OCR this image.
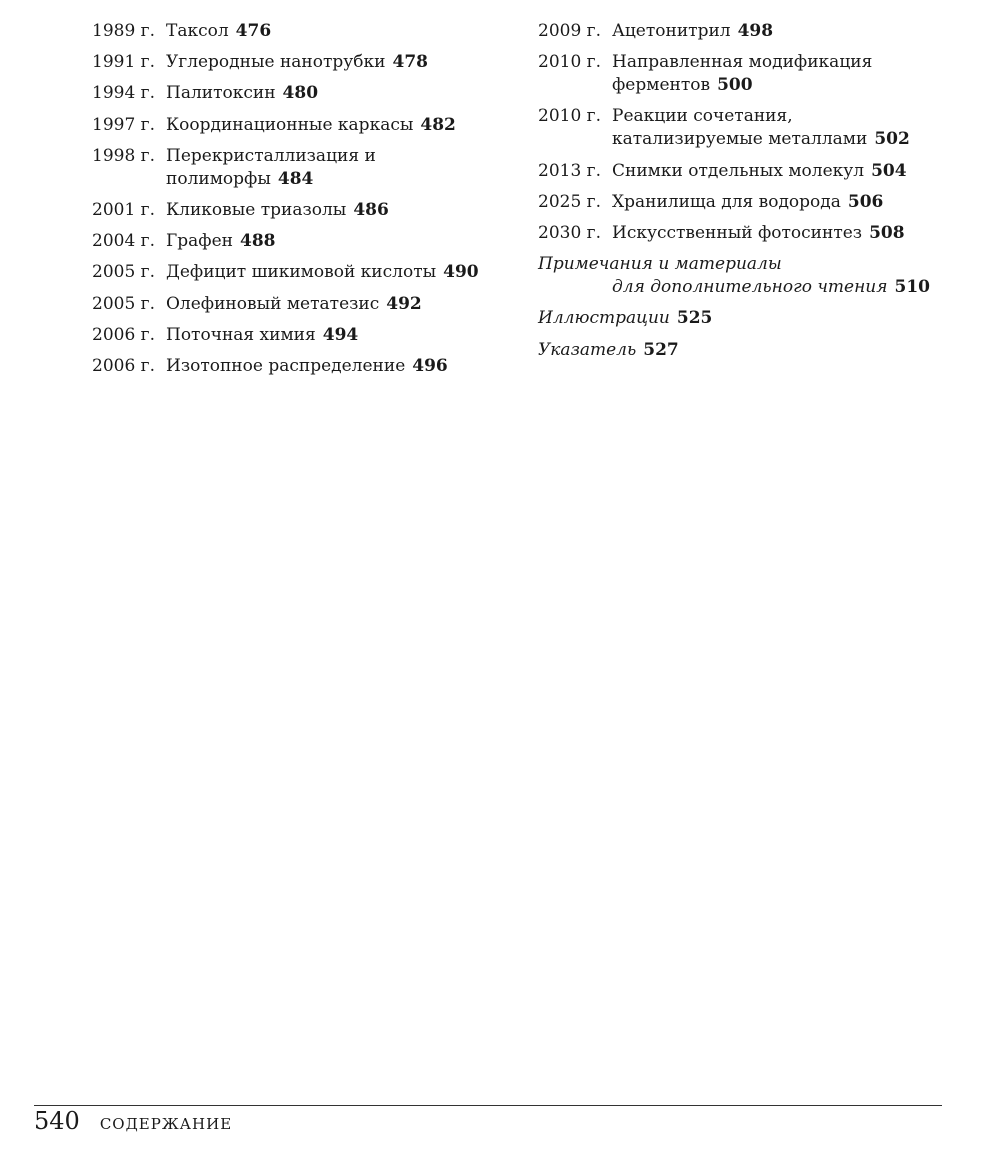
1989 г. Таксол 476
1991 г. Углеродные нанотрубки 478
1994 г. Палитоксин 480
1997 г. Координационные каркасы 482
1998 г. Перекристаллизация и полиморфы 484
2001 г. Кликовые триазолы 486
2004 г. Графен 488
2005 г. Дефицит шикимовой кислоты 490
2005 г. Олефиновый метатезис 492
2006 г. Поточная химия 494
2006 г. Изотопное распределение 496
2009 г. Ацетонитрил 498
2010 г. Направленная модификация ферментов 500
2010 г. Реакции сочетания, катализируемые металлами 502
2013 г. Снимки отдельных молекул 504
2025 г. Хранилища для водорода 506
2030 г. Искусственный фотосинтез 508
Примечания и материалы
для дополнительного чтения 510
Иллюстрации 525
Указатель 527
540 СОДЕРЖАНИЕ
